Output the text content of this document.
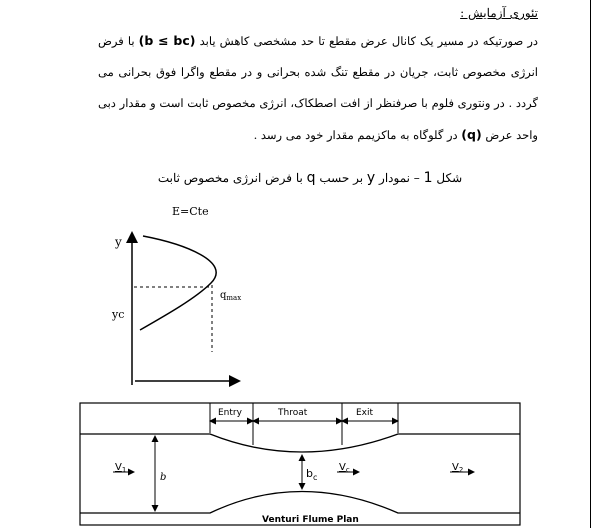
تئوری آزمایش :
در صورتیکه در مسیر یک کانال عرض مقطع تا حد مشخصی کاهش یابد (b ≤ bc) با فرض انرژی مخصوص ثابت، جریان در مقطع تنگ شده بحرانی و در مقطع واگرا فوق بحرانی می گردد . در ونتوری فلوم با صرفنظر از افت اصطکاک، انرژی مخصوص ثابت است و مقدار دبی واحد عرض (q) در گلوگاه به ماکزیمم مقدار خود می رسد .
شکل 1 – نمودار y بر حسب q با فرض انرژی مخصوص ثابت
E=Cte
y
yc
$q_{max}$
Entry	Throat	Exit
b	$b_c$
$V_1$	$V_c$	$V_2$
Venturi Flume Plan
